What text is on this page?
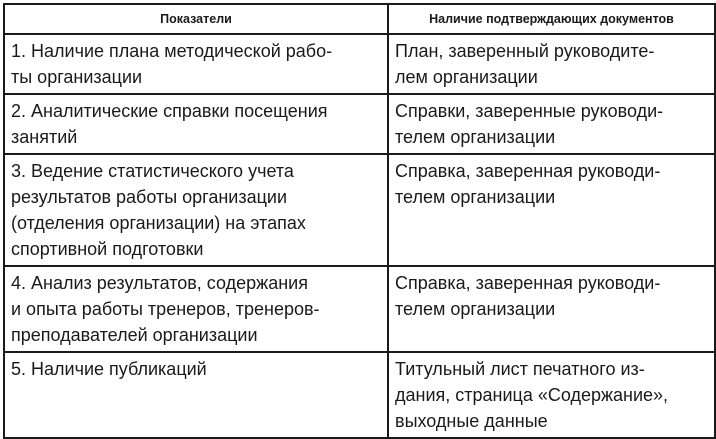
Показатели	Наличие подтверждающих документов

1. Наличие плана методической рабо-
ты организации	План, заверенный руководите-
лем организации

2. Аналитические справки посещения
занятий	Справки, заверенные руководи-
телем организации

3. Ведение статистического учета
результатов работы организации
(отделения организации) на этапах
спортивной подготовки	Справка, заверенная руководи-
телем организации

4. Анализ результатов, содержания
и опыта работы тренеров, тренеров-
преподавателей организации	Справка, заверенная руководи-
телем организации

5. Наличие публикаций	Титульный лист печатного из-
дания, страница «Содержание»,
выходные данные
